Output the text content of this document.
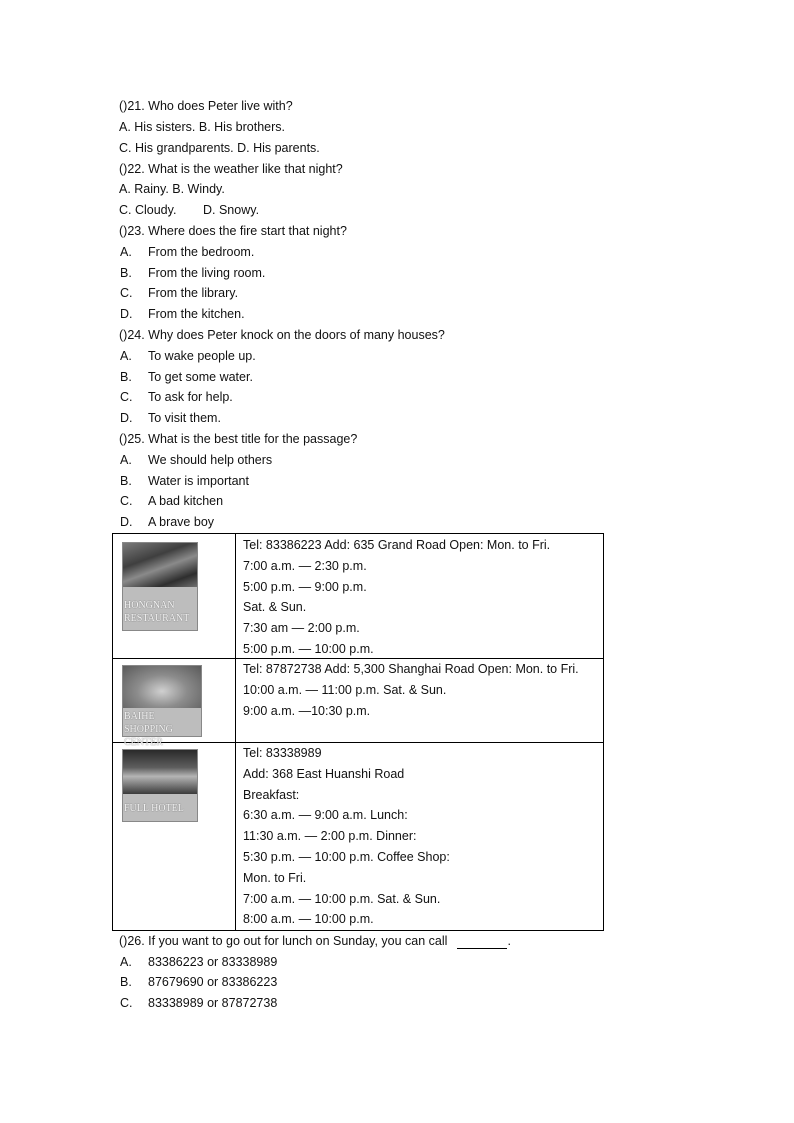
()21. Who does Peter live with?
A. His sisters. B. His brothers.
C. His grandparents. D. His parents.
()22. What is the weather like that night?
A. Rainy. B. Windy.
C. Cloudy. D. Snowy.
()23. Where does the fire start that night?
A. From the bedroom.
B. From the living room.
C. From the library.
D. From the kitchen.
()24. Why does Peter knock on the doors of many houses?
A. To wake people up.
B. To get some water.
C. To ask for help.
D. To visit them.
()25. What is the best title for the passage?
A. We should help others
B. Water is important
C. A bad kitchen
D. A brave boy
HONGNAN
RESTAURANT
Tel: 83386223 Add: 635 Grand Road Open: Mon. to Fri.
7:00 a.m. — 2:30 p.m.
5:00 p.m. — 9:00 p.m.
Sat. & Sun.
7:30 am — 2:00 p.m.
5:00 p.m. — 10:00 p.m.
BAIHE SHOPPING
CENTER
Tel: 87872738 Add: 5,300 Shanghai Road Open: Mon. to Fri.
10:00 a.m. — 11:00 p.m. Sat. & Sun.
9:00 a.m. —10:30 p.m.
FULL HOTEL
Tel: 83338989
Add: 368 East Huanshi Road
Breakfast:
6:30 a.m. — 9:00 a.m. Lunch:
11:30 a.m. — 2:00 p.m. Dinner:
5:30 p.m. — 10:00 p.m. Coffee Shop:
Mon. to Fri.
7:00 a.m. — 10:00 p.m. Sat. & Sun.
8:00 a.m. — 10:00 p.m.
()26. If you want to go out for lunch on Sunday, you can call	.
A. 83386223 or 83338989
B. 87679690 or 83386223
C. 83338989 or 87872738
